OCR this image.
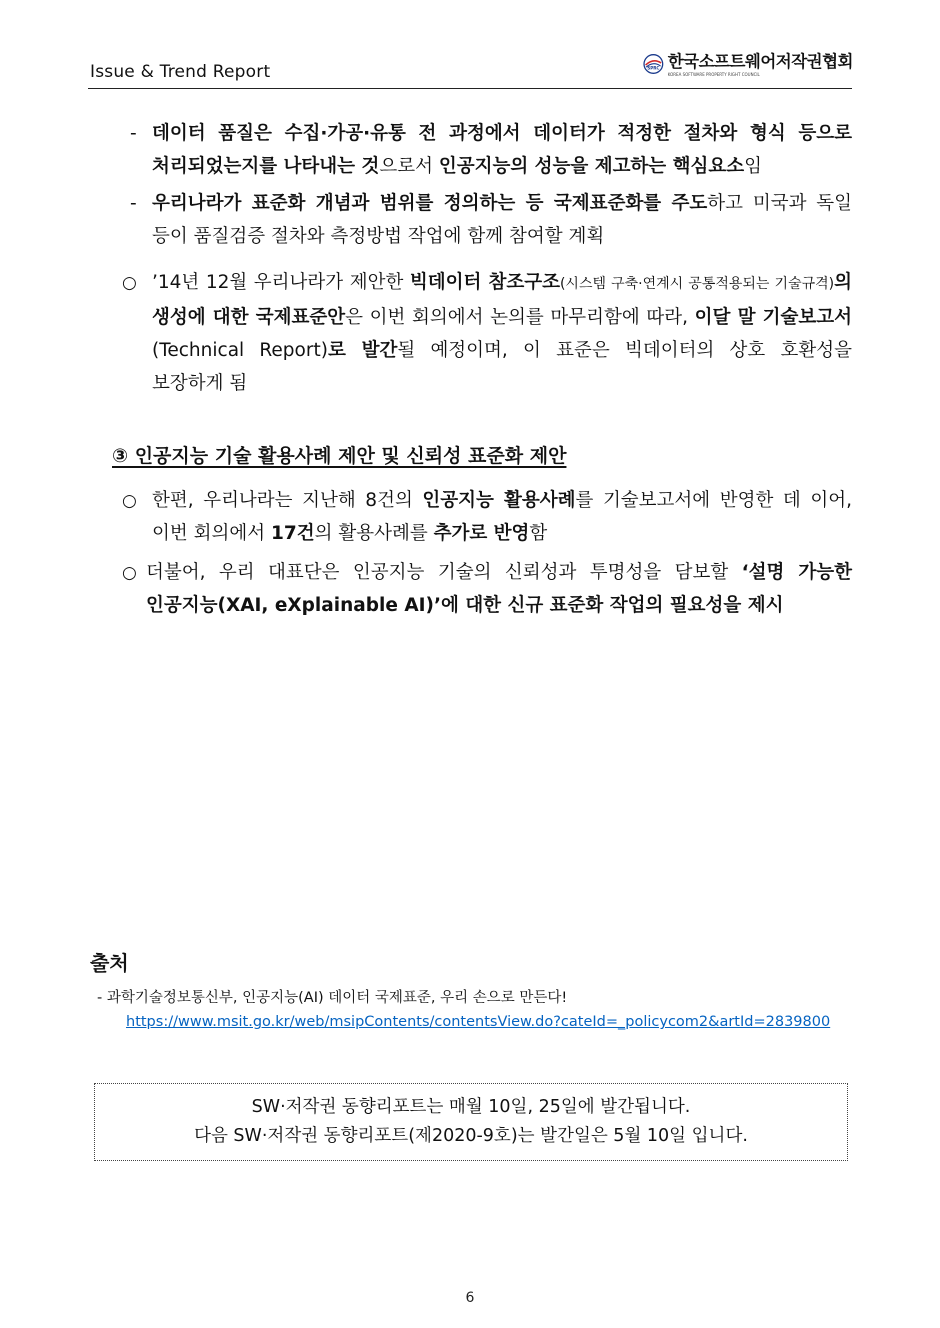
Issue & Trend Report	SPRC 한국소프트웨어저작권협회
KOREA SOFTWARE PROPERTY RIGHT COUNCIL
- 데이터 품질은 수집·가공·유통 전 과정에서 데이터가 적정한 절차와 형식 등으로 처리되었는지를 나타내는 것으로서 인공지능의 성능을 제고하는 핵심요소임
- 우리나라가 표준화 개념과 범위를 정의하는 등 국제표준화를 주도하고 미국과 독일 등이 품질검증 절차와 측정방법 작업에 함께 참여할 계획
○ ’14년 12월 우리나라가 제안한 빅데이터 참조구조(시스템 구축·연계시 공통적용되는 기술규격)의 생성에 대한 국제표준안은 이번 회의에서 논의를 마무리함에 따라, 이달 말 기술보고서(Technical Report)로 발간될 예정이며, 이 표준은 빅데이터의 상호 호환성을 보장하게 됨
③ 인공지능 기술 활용사례 제안 및 신뢰성 표준화 제안
○ 한편, 우리나라는 지난해 8건의 인공지능 활용사례를 기술보고서에 반영한 데 이어, 이번 회의에서 17건의 활용사례를 추가로 반영함
○ 더불어, 우리 대표단은 인공지능 기술의 신뢰성과 투명성을 담보할 ‘설명 가능한 인공지능(XAI, eXplainable AI)’에 대한 신규 표준화 작업의 필요성을 제시
출처
- 과학기술정보통신부, 인공지능(AI) 데이터 국제표준, 우리 손으로 만든다!
https://www.msit.go.kr/web/msipContents/contentsView.do?cateId=_policycom2&artId=2839800
SW·저작권 동향리포트는 매월 10일, 25일에 발간됩니다.
다음 SW·저작권 동향리포트(제2020-9호)는 발간일은 5월 10일 입니다.
6
